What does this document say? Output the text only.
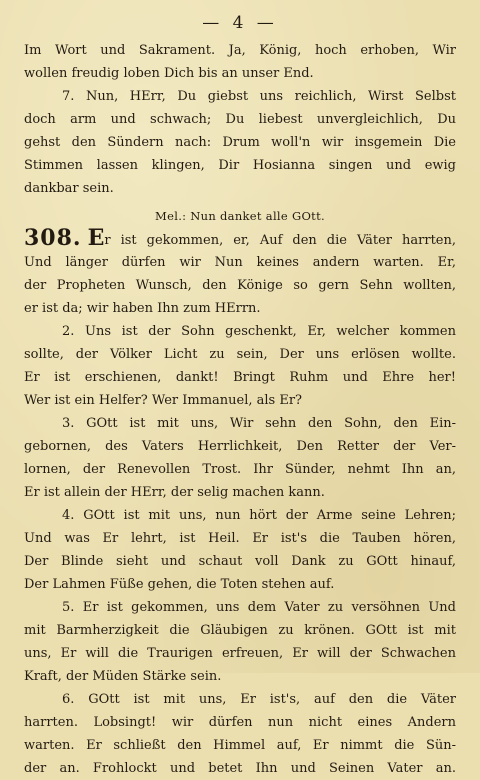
— 4 —
Im Wort und Sakrament. Ja, König, hoch erhoben, Wir
wollen freudig loben Dich bis an unser End.
7. Nun, HErr, Du giebst uns reichlich, Wirst Selbst
doch arm und schwach; Du liebest unvergleichlich, Du
gehst den Sündern nach: Drum woll'n wir insgemein Die
Stimmen lassen klingen, Dir Hosianna singen und ewig
dankbar sein.
Mel.: Nun danket alle GOtt.
308. Er ist gekommen, er, Auf den die Väter harrten,
Und länger dürfen wir Nun keines andern warten. Er,
der Propheten Wunsch, den Könige so gern Sehn wollten,
er ist da; wir haben Ihn zum HErrn.
2. Uns ist der Sohn geschenkt, Er, welcher kommen
sollte, der Völker Licht zu sein, Der uns erlösen wollte.
Er ist erschienen, dankt! Bringt Ruhm und Ehre her!
Wer ist ein Helfer? Wer Immanuel, als Er?
3. GOtt ist mit uns, Wir sehn den Sohn, den Ein-
gebornen, des Vaters Herrlichkeit, Den Retter der Ver-
lornen, der Renevollen Trost. Ihr Sünder, nehmt Ihn an,
Er ist allein der HErr, der selig machen kann.
4. GOtt ist mit uns, nun hört der Arme seine Lehren;
Und was Er lehrt, ist Heil. Er ist's die Tauben hören,
Der Blinde sieht und schaut voll Dank zu GOtt hinauf,
Der Lahmen Füße gehen, die Toten stehen auf.
5. Er ist gekommen, uns dem Vater zu versöhnen Und
mit Barmherzigkeit die Gläubigen zu krönen. GOtt ist mit
uns, Er will die Traurigen erfreuen, Er will der Schwachen
Kraft, der Müden Stärke sein.
6. GOtt ist mit uns, Er ist's, auf den die Väter
harrten. Lobsingt! wir dürfen nun nicht eines Andern
warten. Er schließt den Himmel auf, Er nimmt die Sün-
der an. Frohlockt und betet Ihn und Seinen Vater an.
